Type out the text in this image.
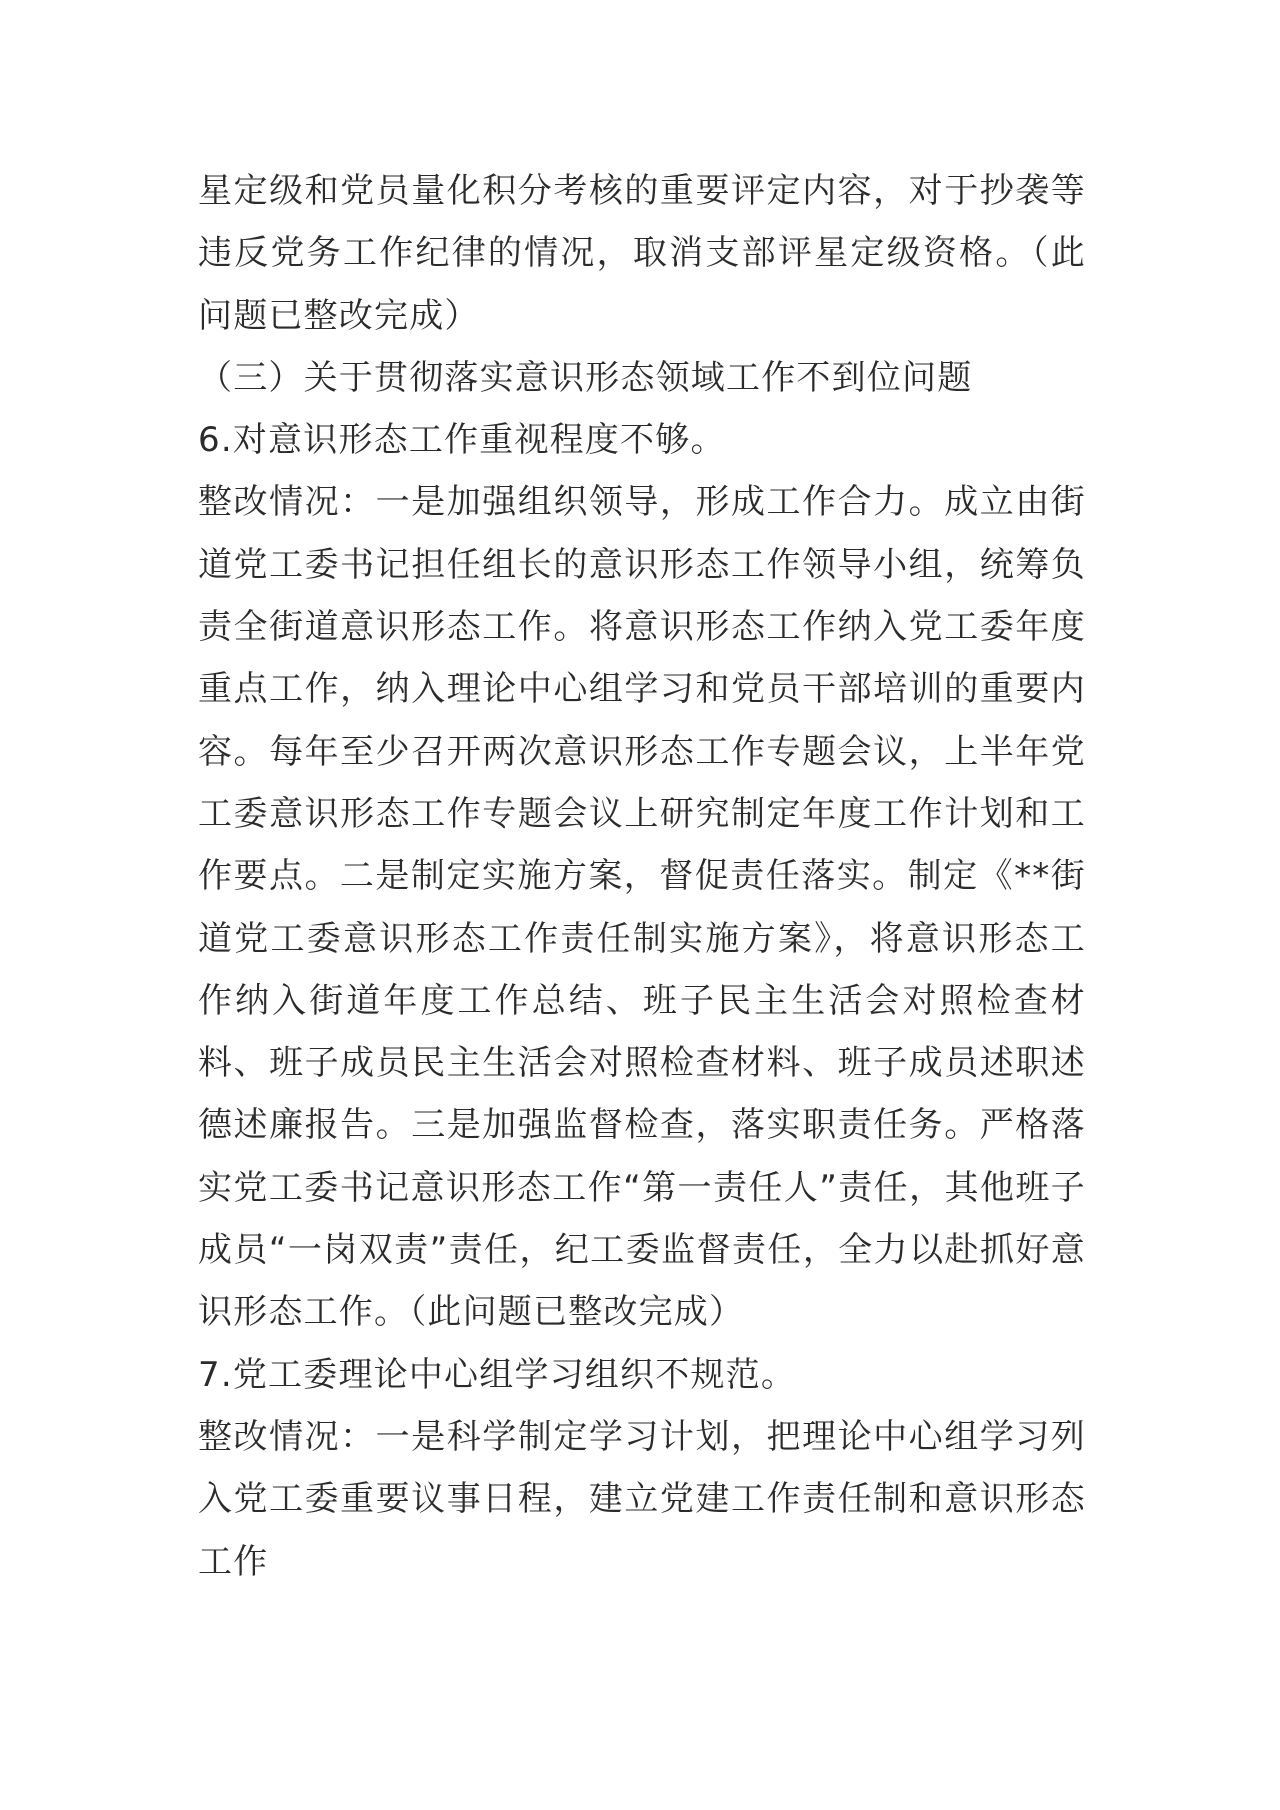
星定级和党员量化积分考核的重要评定内容，对于抄袭等违反党务工作纪律的情况，取消支部评星定级资格。（此问题已整改完成）

（三）关于贯彻落实意识形态领域工作不到位问题

6.对意识形态工作重视程度不够。

整改情况：一是加强组织领导，形成工作合力。成立由街道党工委书记担任组长的意识形态工作领导小组，统筹负责全街道意识形态工作。将意识形态工作纳入党工委年度重点工作，纳入理论中心组学习和党员干部培训的重要内容。每年至少召开两次意识形态工作专题会议，上半年党工委意识形态工作专题会议上研究制定年度工作计划和工作要点。二是制定实施方案，督促责任落实。制定《**街道党工委意识形态工作责任制实施方案》，将意识形态工作纳入街道年度工作总结、班子民主生活会对照检查材料、班子成员民主生活会对照检查材料、班子成员述职述德述廉报告。三是加强监督检查，落实职责任务。严格落实党工委书记意识形态工作“第一责任人”责任，其他班子成员“一岗双责”责任，纪工委监督责任，全力以赴抓好意识形态工作。（此问题已整改完成）

7.党工委理论中心组学习组织不规范。

整改情况：一是科学制定学习计划，把理论中心组学习列入党工委重要议事日程，建立党建工作责任制和意识形态工作
